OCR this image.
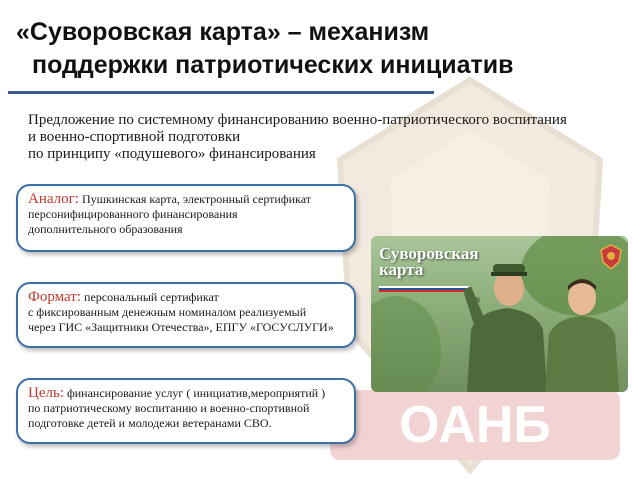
ОАНБ
«Суворовская карта» – механизм
поддержки патриотических инициатив
Предложение по системному финансированию военно-патриотического воспитания
и военно-спортивной подготовки
по принципу «подушевого» финансирования
Аналог: Пушкинская карта, электронный сертификат
персонифицированного финансирования
дополнительного образования
Формат: персональный сертификат
с фиксированным денежным номиналом реализуемый
через ГИС «Защитники Отечества», ЕПГУ «ГОСУСЛУГИ»
Цель: финансирование услуг ( инициатив,мероприятий )
по патриотическому воспитанию и военно-спортивной
подготовке детей и молодежи ветеранами СВО.
Суворовская
карта
